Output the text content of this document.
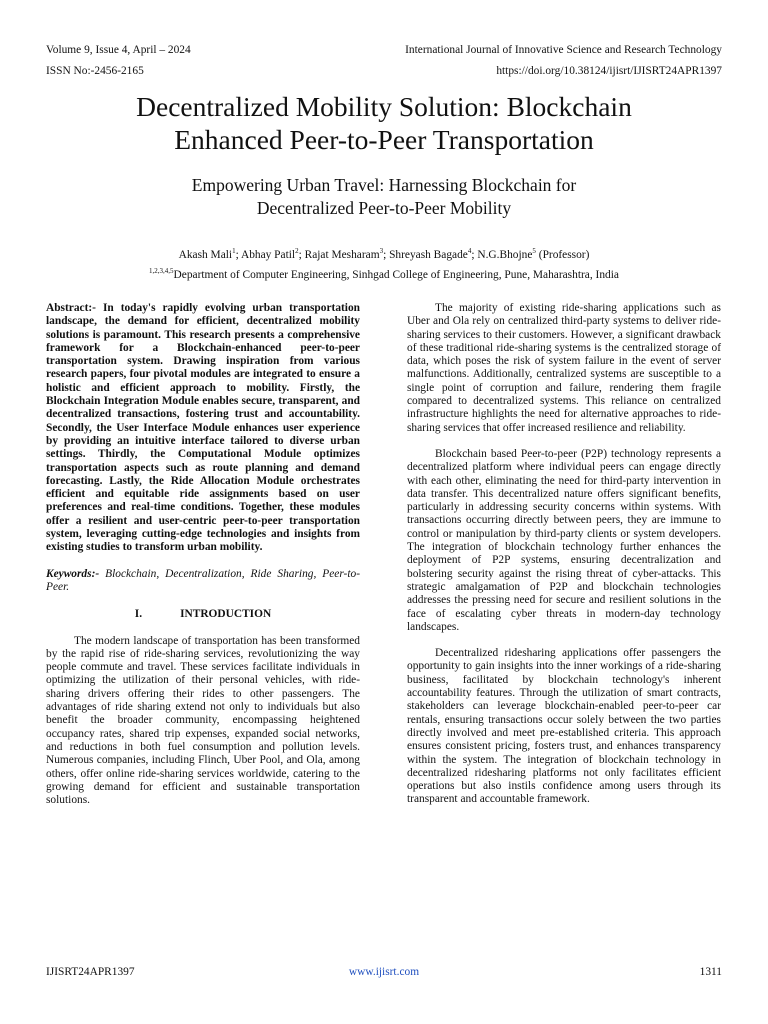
Volume 9, Issue 4, April – 2024	International Journal of Innovative Science and Research Technology
ISSN No:-2456-2165	https://doi.org/10.38124/ijisrt/IJISRT24APR1397
Decentralized Mobility Solution: Blockchain
Enhanced Peer-to-Peer Transportation
Empowering Urban Travel: Harnessing Blockchain for
Decentralized Peer-to-Peer Mobility
Akash Mali$^1$; Abhay Patil$^2$; Rajat Mesharam$^3$; Shreyash Bagade$^4$; N.G.Bhojne$^5$ (Professor)
$^{1,2,3,4,5}$Department of Computer Engineering, Sinhgad College of Engineering, Pune, Maharashtra, India

Abstract:- In today's rapidly evolving urban transportation landscape, the demand for efficient, decentralized mobility solutions is paramount. This research presents a comprehensive framework for a Blockchain-enhanced peer-to-peer transportation system. Drawing inspiration from various research papers, four pivotal modules are integrated to ensure a holistic and efficient approach to mobility. Firstly, the Blockchain Integration Module enables secure, transparent, and decentralized transactions, fostering trust and accountability. Secondly, the User Interface Module enhances user experience by providing an intuitive interface tailored to diverse urban settings. Thirdly, the Computational Module optimizes transportation aspects such as route planning and demand forecasting. Lastly, the Ride Allocation Module orchestrates efficient and equitable ride assignments based on user preferences and real-time conditions. Together, these modules offer a resilient and user-centric peer-to-peer transportation system, leveraging cutting-edge technologies and insights from existing studies to transform urban mobility.

Keywords:- Blockchain, Decentralization, Ride Sharing, Peer-to-Peer.

I.	INTRODUCTION

The modern landscape of transportation has been transformed by the rapid rise of ride-sharing services, revolutionizing the way people commute and travel. These services facilitate individuals in optimizing the utilization of their personal vehicles, with ride-sharing drivers offering their rides to other passengers. The advantages of ride sharing extend not only to individuals but also benefit the broader community, encompassing heightened occupancy rates, shared trip expenses, expanded social networks, and reductions in both fuel consumption and pollution levels. Numerous companies, including Flinch, Uber Pool, and Ola, among others, offer online ride-sharing services worldwide, catering to the growing demand for efficient and sustainable transportation solutions.

The majority of existing ride-sharing applications such as Uber and Ola rely on centralized third-party systems to deliver ride-sharing services to their customers. However, a significant drawback of these traditional ride-sharing systems is the centralized storage of data, which poses the risk of system failure in the event of server malfunctions. Additionally, centralized systems are susceptible to a single point of corruption and failure, rendering them fragile compared to decentralized systems. This reliance on centralized infrastructure highlights the need for alternative approaches to ride-sharing services that offer increased resilience and reliability.

Blockchain based Peer-to-peer (P2P) technology represents a decentralized platform where individual peers can engage directly with each other, eliminating the need for third-party intervention in data transfer. This decentralized nature offers significant benefits, particularly in addressing security concerns within systems. With transactions occurring directly between peers, they are immune to control or manipulation by third-party clients or system developers. The integration of blockchain technology further enhances the deployment of P2P systems, ensuring decentralization and bolstering security against the rising threat of cyber-attacks. This strategic amalgamation of P2P and blockchain technologies addresses the pressing need for secure and resilient solutions in the face of escalating cyber threats in modern-day technology landscapes.

Decentralized ridesharing applications offer passengers the opportunity to gain insights into the inner workings of a ride-sharing business, facilitated by blockchain technology's inherent accountability features. Through the utilization of smart contracts, stakeholders can leverage blockchain-enabled peer-to-peer car rentals, ensuring transactions occur solely between the two parties directly involved and meet pre-established criteria. This approach ensures consistent pricing, fosters trust, and enhances transparency within the system. The integration of blockchain technology in decentralized ridesharing platforms not only facilitates efficient operations but also instils confidence among users through its transparent and accountable framework.

IJISRT24APR1397	www.ijisrt.com	1311
